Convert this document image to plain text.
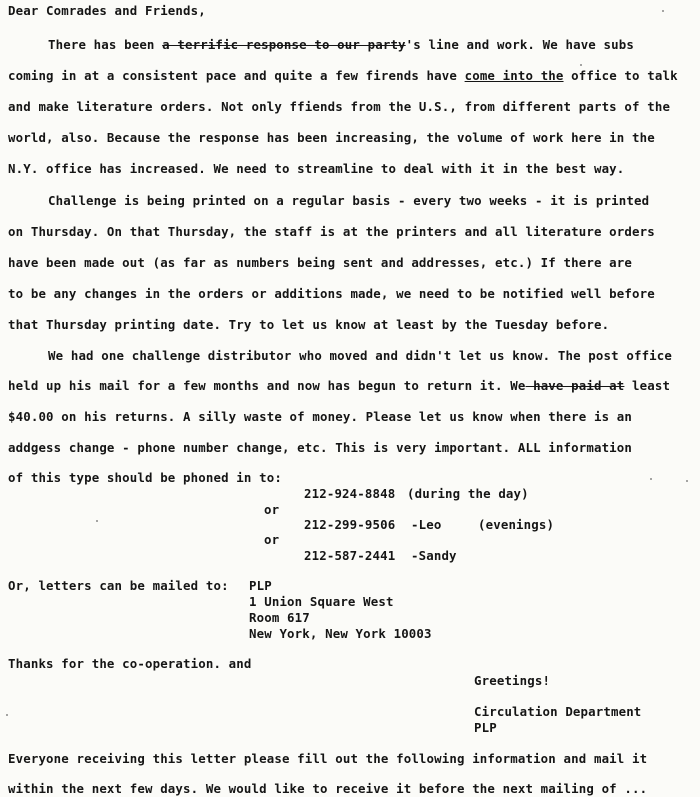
Dear Comrades and Friends,
There has been a terrific response to our party's line and work. We have subs
coming in at a consistent pace and quite a few firends have come into the office to talk
and make literature orders. Not only ffiends from the U.S., from different parts of the
world, also. Because the response has been increasing, the volume of work here in the
N.Y. office has increased. We need to streamline to deal with it in the best way.
Challenge is being printed on a regular basis - every two weeks - it is printed
on Thursday. On that Thursday, the staff is at the printers and all literature orders
have been made out (as far as numbers being sent and addresses, etc.) If there are
to be any changes in the orders or additions made, we need to be notified well before
that Thursday printing date. Try to let us know at least by the Tuesday before.
We had one challenge distributor who moved and didn't let us know. The post office
held up his mail for a few months and now has begun to return it. We have paid at least
$40.00 on his returns. A silly waste of money. Please let us know when there is an
addgess change - phone number change, etc. This is very important. ALL information
of this type should be phoned in to:
212-924-8848 (during the day)
or
212-299-9506 -Leo	(evenings)
or
212-587-2441 -Sandy
Or, letters can be mailed to: PLP
1 Union Square West
Room 617
New York, New York 10003
Thanks for the co-operation. and
Greetings!
Circulation Department
PLP
Everyone receiving this letter please fill out the following information and mail it
within the next few days. We would like to receive it before the next mailing of ...
